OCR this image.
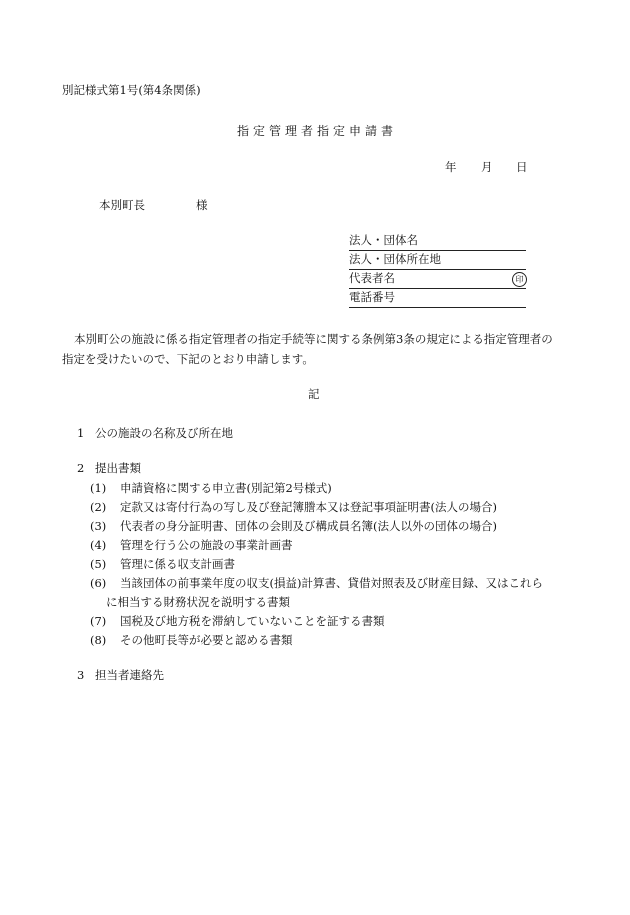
別記様式第1号(第4条関係)
指定管理者指定申請書
年 月 日
本別町長	様
法人・団体名
法人・団体所在地
代表者名	印
電話番号
本別町公の施設に係る指定管理者の指定手続等に関する条例第3条の規定による指定管理者の指定を受けたいので、下記のとおり申請します。
記
1 公の施設の名称及び所在地
2 提出書類
(1) 申請資格に関する申立書(別記第2号様式)
(2) 定款又は寄付行為の写し及び登記簿謄本又は登記事項証明書(法人の場合)
(3) 代表者の身分証明書、団体の会則及び構成員名簿(法人以外の団体の場合)
(4) 管理を行う公の施設の事業計画書
(5) 管理に係る収支計画書
(6) 当該団体の前事業年度の収支(損益)計算書、貸借対照表及び財産目録、又はこれら
に相当する財務状況を説明する書類
(7) 国税及び地方税を滞納していないことを証する書類
(8) その他町長等が必要と認める書類
3 担当者連絡先
